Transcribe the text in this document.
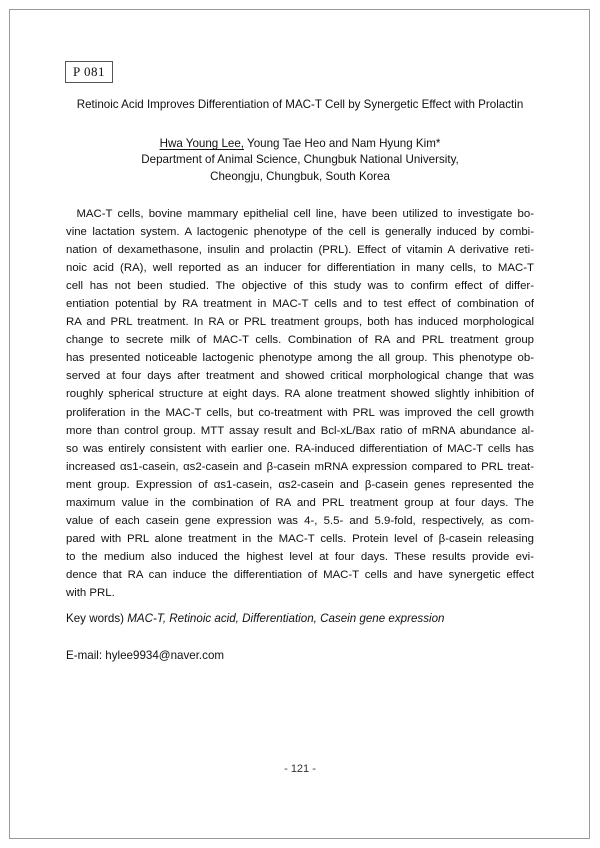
P 081
Retinoic Acid Improves Differentiation of MAC-T Cell by Synergetic Effect with Prolactin
Hwa Young Lee, Young Tae Heo and Nam Hyung Kim*
Department of Animal Science, Chungbuk National University,
Cheongju, Chungbuk, South Korea
MAC-T cells, bovine mammary epithelial cell line, have been utilized to investigate bo-
vine lactation system. A lactogenic phenotype of the cell is generally induced by combi-
nation of dexamethasone, insulin and prolactin (PRL). Effect of vitamin A derivative reti-
noic acid (RA), well reported as an inducer for differentiation in many cells, to MAC-T
cell has not been studied. The objective of this study was to confirm effect of differ-
entiation potential by RA treatment in MAC-T cells and to test effect of combination of
RA and PRL treatment. In RA or PRL treatment groups, both has induced morphological
change to secrete milk of MAC-T cells. Combination of RA and PRL treatment group
has presented noticeable lactogenic phenotype among the all group. This phenotype ob-
served at four days after treatment and showed critical morphological change that was
roughly spherical structure at eight days. RA alone treatment showed slightly inhibition of
proliferation in the MAC-T cells, but co-treatment with PRL was improved the cell growth
more than control group. MTT assay result and Bcl-xL/Bax ratio of mRNA abundance al-
so was entirely consistent with earlier one. RA-induced differentiation of MAC-T cells has
increased αs1-casein, αs2-casein and β-casein mRNA expression compared to PRL treat-
ment group. Expression of αs1-casein, αs2-casein and β-casein genes represented the
maximum value in the combination of RA and PRL treatment group at four days. The
value of each casein gene expression was 4-, 5.5- and 5.9-fold, respectively, as com-
pared with PRL alone treatment in the MAC-T cells. Protein level of β-casein releasing
to the medium also induced the highest level at four days. These results provide evi-
dence that RA can induce the differentiation of MAC-T cells and have synergetic effect
with PRL.
Key words) MAC-T, Retinoic acid, Differentiation, Casein gene expression
E-mail: hylee9934@naver.com
- 121 -
